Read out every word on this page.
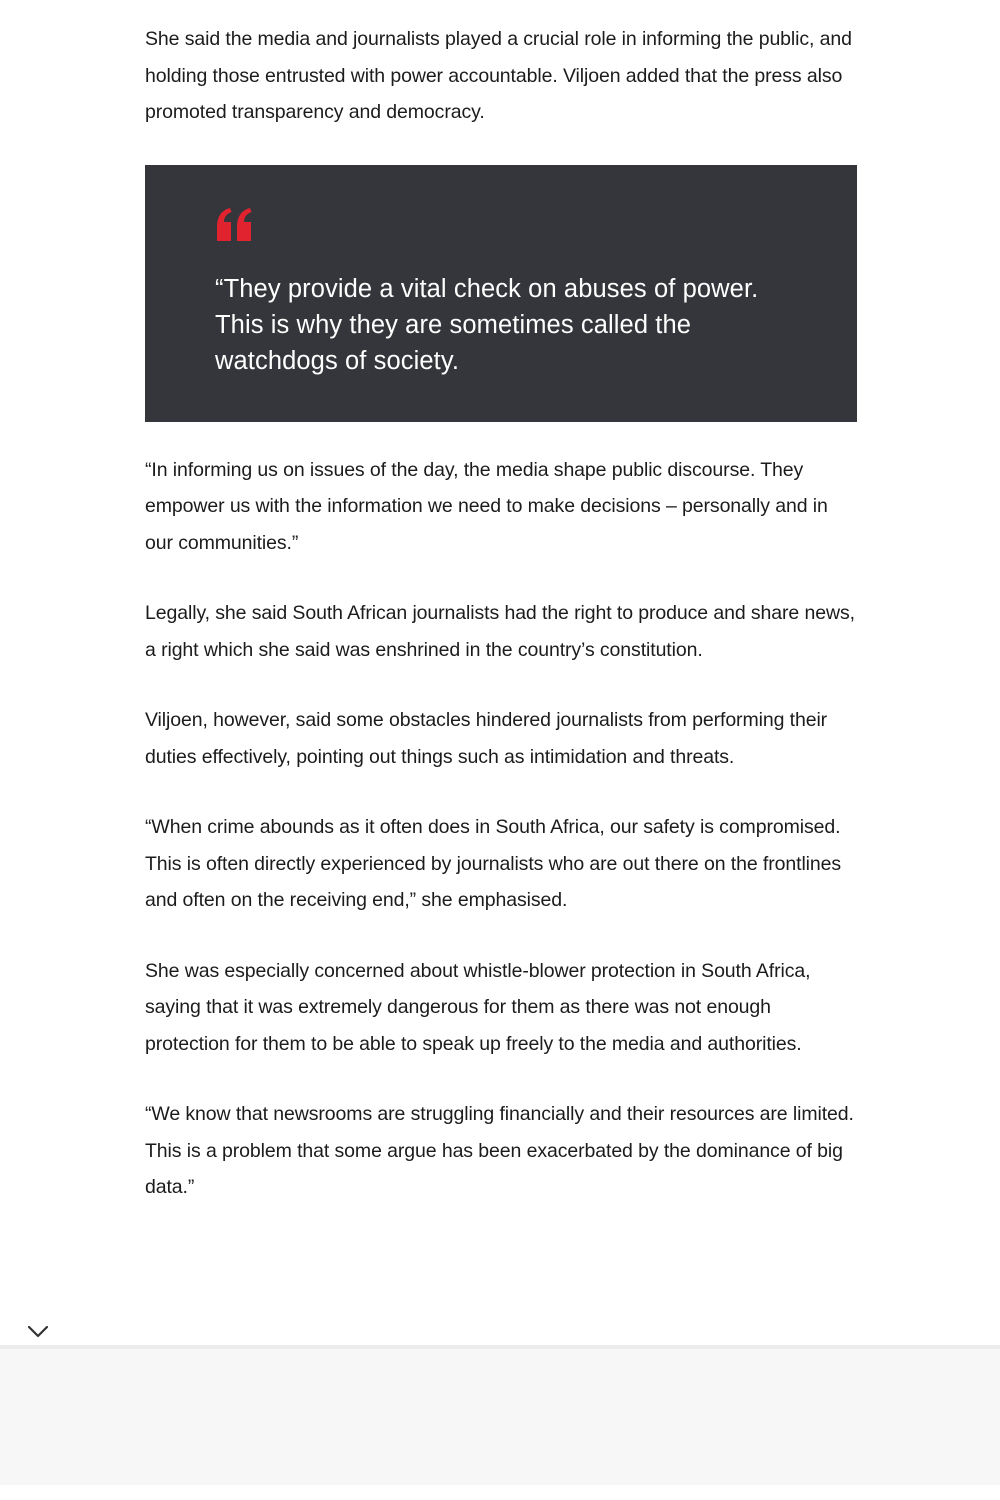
She said the media and journalists played a crucial role in informing the public, and holding those entrusted with power accountable. Viljoen added that the press also promoted transparency and democracy.

“They provide a vital check on abuses of power. This is why they are sometimes called the watchdogs of society.

“In informing us on issues of the day, the media shape public discourse. They empower us with the information we need to make decisions – personally and in our communities.”

Legally, she said South African journalists had the right to produce and share news, a right which she said was enshrined in the country’s constitution.

Viljoen, however, said some obstacles hindered journalists from performing their duties effectively, pointing out things such as intimidation and threats.

“When crime abounds as it often does in South Africa, our safety is compromised. This is often directly experienced by journalists who are out there on the frontlines and often on the receiving end,” she emphasised.

She was especially concerned about whistle-blower protection in South Africa, saying that it was extremely dangerous for them as there was not enough protection for them to be able to speak up freely to the media and authorities.

“We know that newsrooms are struggling financially and their resources are limited. This is a problem that some argue has been exacerbated by the dominance of big data.”
